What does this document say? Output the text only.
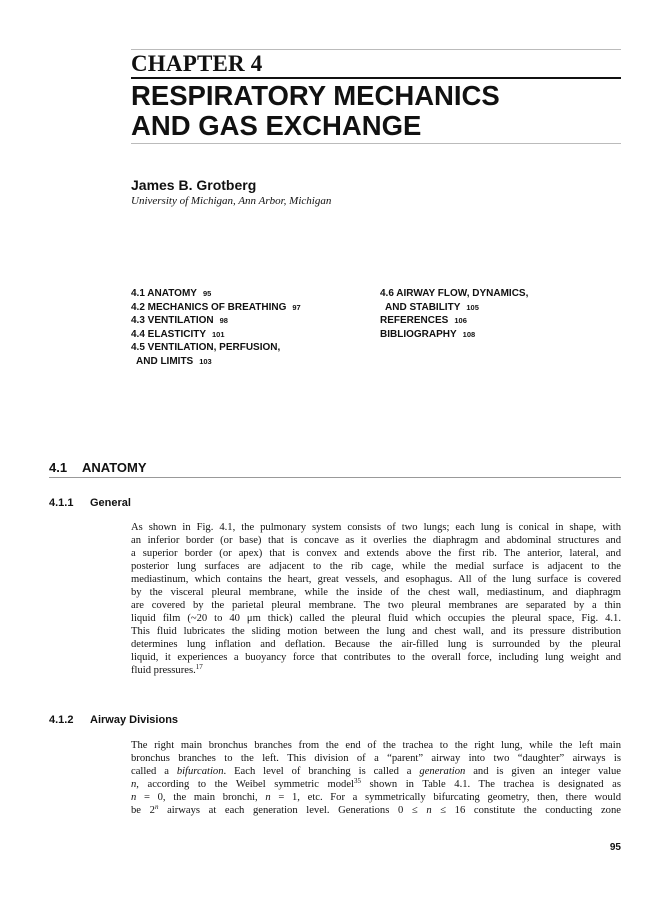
CHAPTER 4
RESPIRATORY MECHANICS
AND GAS EXCHANGE
James B. Grotberg
University of Michigan, Ann Arbor, Michigan
4.1 ANATOMY 95
4.2 MECHANICS OF BREATHING 97
4.3 VENTILATION 98
4.4 ELASTICITY 101
4.5 VENTILATION, PERFUSION,
AND LIMITS 103
4.6 AIRWAY FLOW, DYNAMICS,
AND STABILITY 105
REFERENCES 106
BIBLIOGRAPHY 108
4.1 ANATOMY
4.1.1 General
As shown in Fig. 4.1, the pulmonary system consists of two lungs; each lung is conical in shape, with
an inferior border (or base) that is concave as it overlies the diaphragm and abdominal structures and
a superior border (or apex) that is convex and extends above the first rib. The anterior, lateral, and
posterior lung surfaces are adjacent to the rib cage, while the medial surface is adjacent to the
mediastinum, which contains the heart, great vessels, and esophagus. All of the lung surface is covered
by the visceral pleural membrane, while the inside of the chest wall, mediastinum, and diaphragm
are covered by the parietal pleural membrane. The two pleural membranes are separated by a thin
liquid film (~20 to 40 μm thick) called the pleural fluid which occupies the pleural space, Fig. 4.1.
This fluid lubricates the sliding motion between the lung and chest wall, and its pressure distribution
determines lung inflation and deflation. Because the air-filled lung is surrounded by the pleural
liquid, it experiences a buoyancy force that contributes to the overall force, including lung weight and
fluid pressures.$^{17}$
4.1.2 Airway Divisions
The right main bronchus branches from the end of the trachea to the right lung, while the left main
bronchus branches to the left. This division of a “parent” airway into two “daughter” airways is
called a bifurcation. Each level of branching is called a generation and is given an integer value
n, according to the Weibel symmetric model$^{35}$ shown in Table 4.1. The trachea is designated as
n = 0, the main bronchi, n = 1, etc. For a symmetrically bifurcating geometry, then, there would
be 2$^n$ airways at each generation level. Generations 0 ≤ n ≤ 16 constitute the conducting zone
95
